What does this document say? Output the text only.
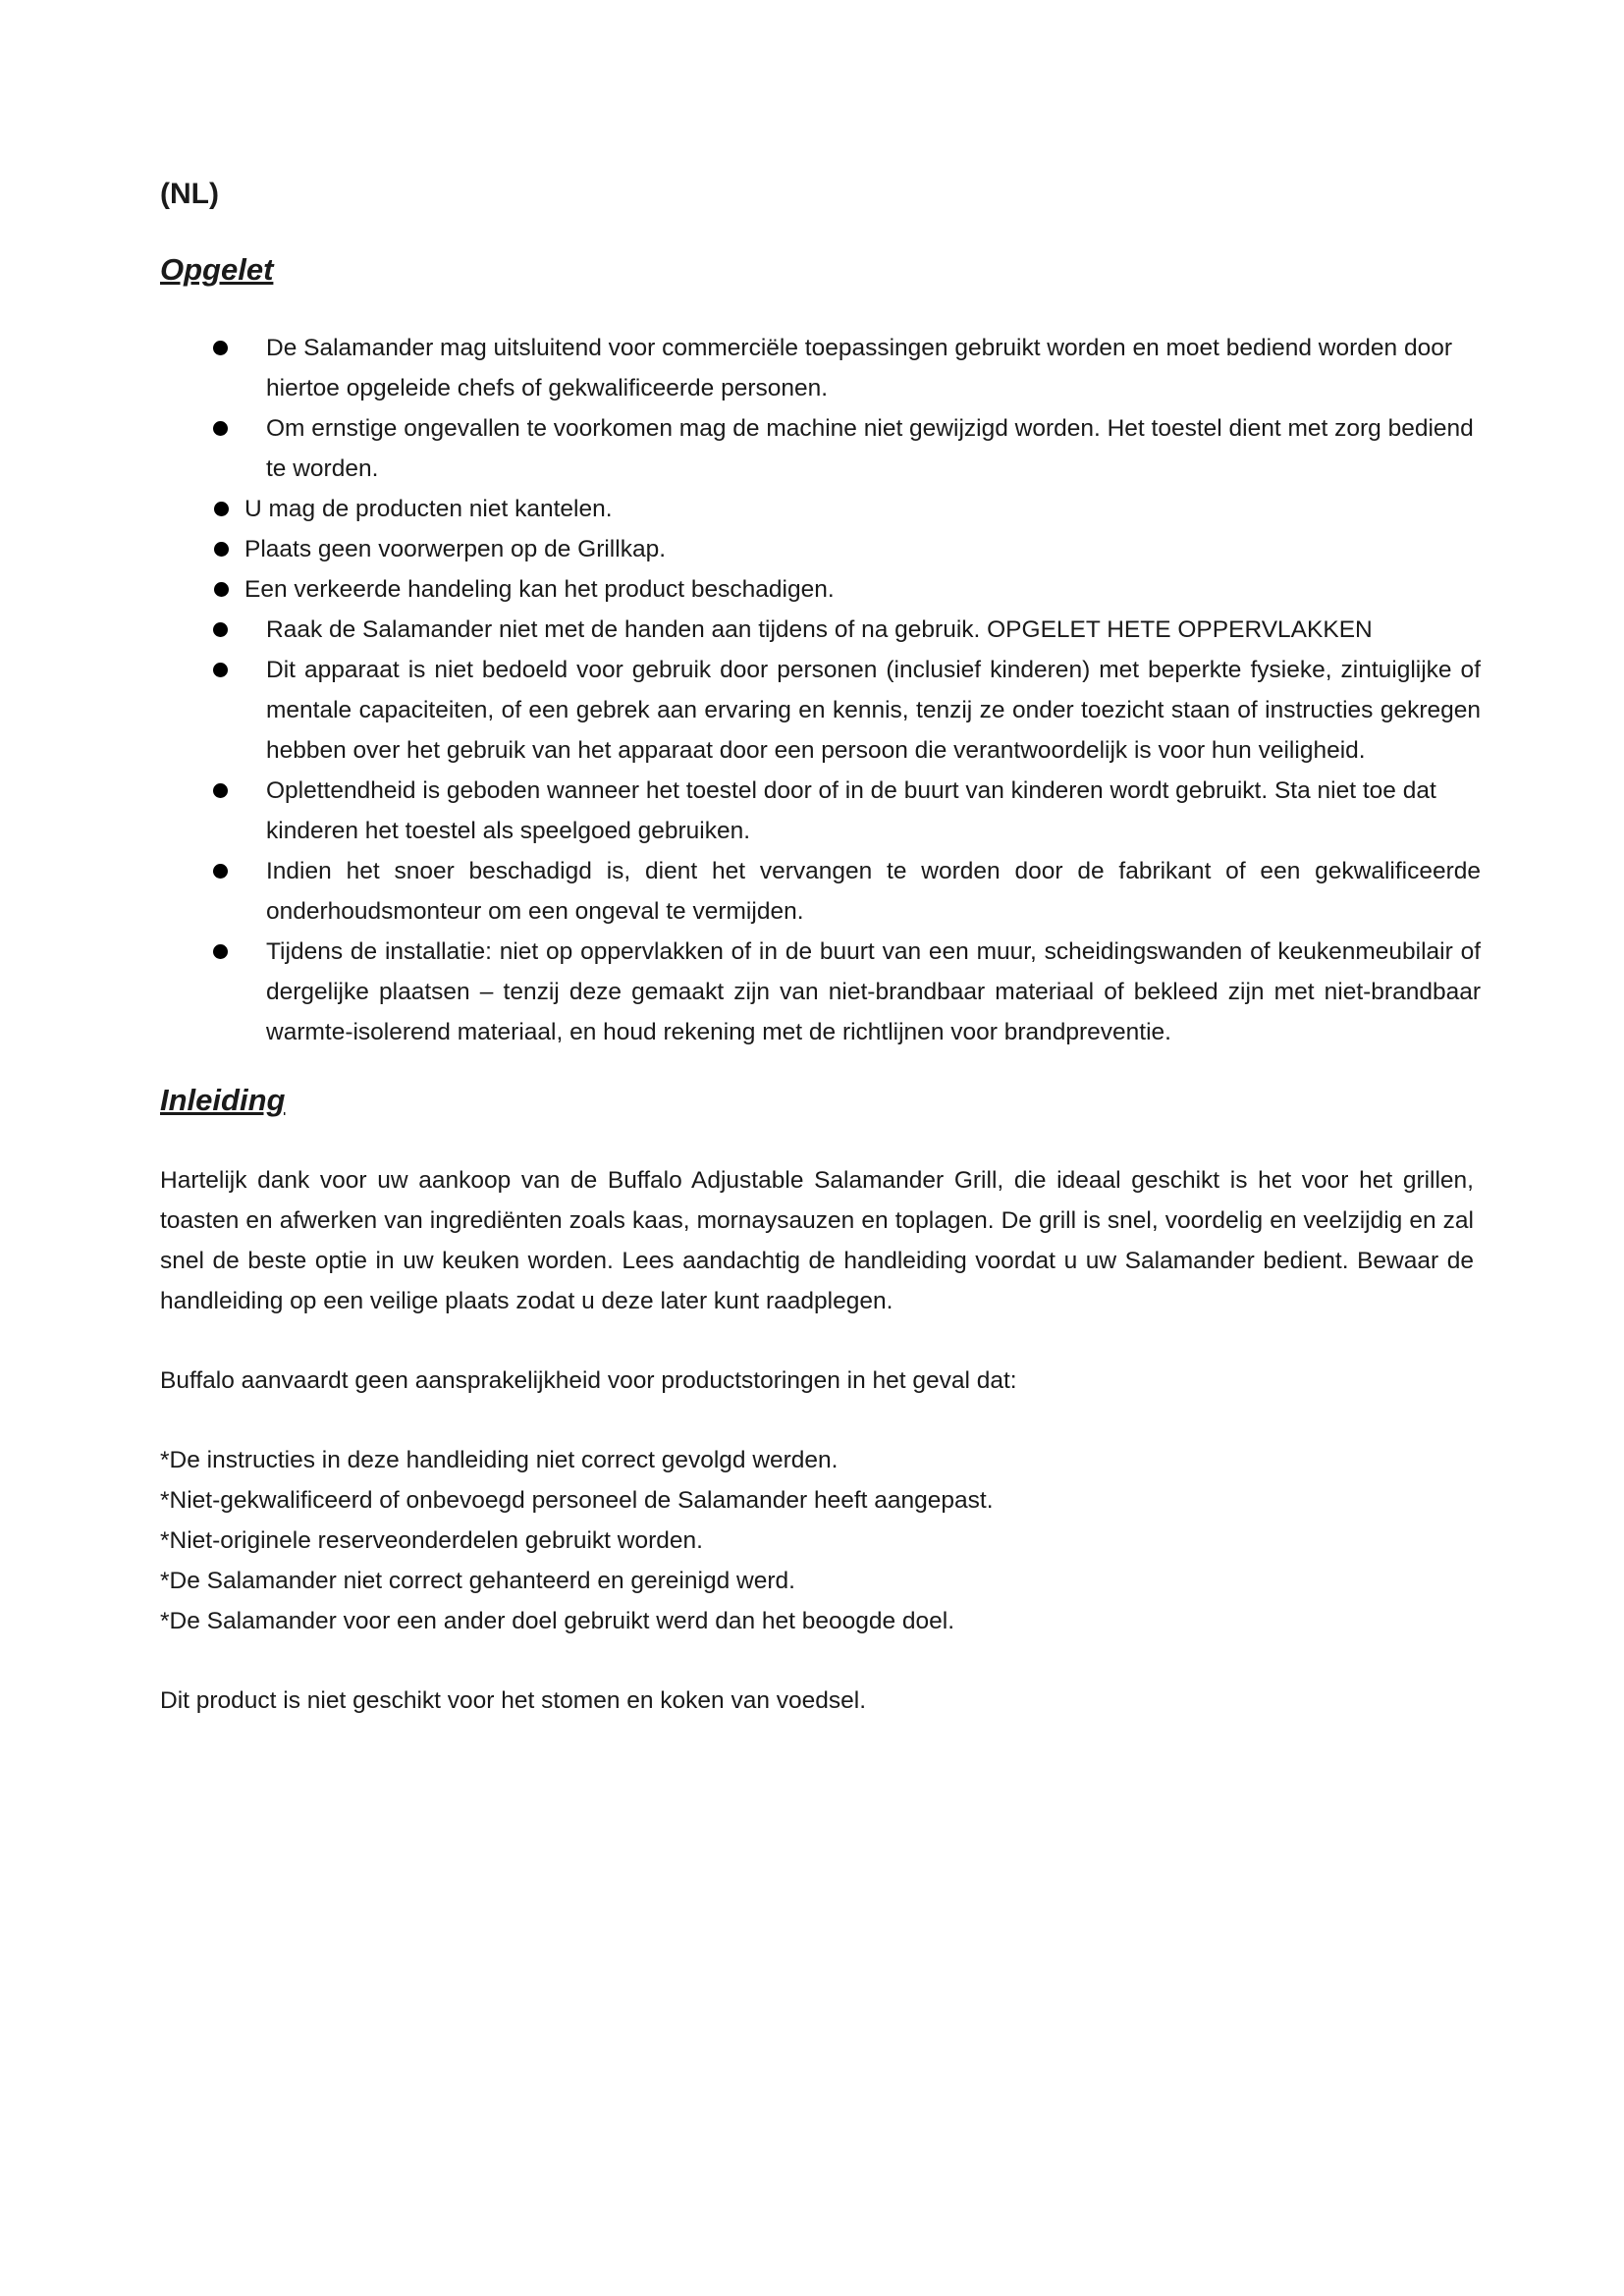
(NL)

Opgelet
De Salamander mag uitsluitend voor commerciële toepassingen gebruikt worden en moet bediend worden door hiertoe opgeleide chefs of gekwalificeerde personen.
Om ernstige ongevallen te voorkomen mag de machine niet gewijzigd worden. Het toestel dient met zorg bediend te worden.
U mag de producten niet kantelen.
Plaats geen voorwerpen op de Grillkap.
Een verkeerde handeling kan het product beschadigen.
Raak de Salamander niet met de handen aan tijdens of na gebruik. OPGELET HETE OPPERVLAKKEN
Dit apparaat is niet bedoeld voor gebruik door personen (inclusief kinderen) met beperkte fysieke, zintuiglijke of mentale capaciteiten, of een gebrek aan ervaring en kennis, tenzij ze onder toezicht staan of instructies gekregen hebben over het gebruik van het apparaat door een persoon die verantwoordelijk is voor hun veiligheid.
Oplettendheid is geboden wanneer het toestel door of in de buurt van kinderen wordt gebruikt. Sta niet toe dat kinderen het toestel als speelgoed gebruiken.
Indien het snoer beschadigd is, dient het vervangen te worden door de fabrikant of een gekwalificeerde onderhoudsmonteur om een ongeval te vermijden.
Tijdens de installatie: niet op oppervlakken of in de buurt van een muur, scheidingswanden of keukenmeubilair of dergelijke plaatsen – tenzij deze gemaakt zijn van niet-brandbaar materiaal of bekleed zijn met niet-brandbaar warmte-isolerend materiaal, en houd rekening met de richtlijnen voor brandpreventie.
Inleiding

Hartelijk dank voor uw aankoop van de Buffalo Adjustable Salamander Grill, die ideaal geschikt is het voor het grillen, toasten en afwerken van ingrediënten zoals kaas, mornaysauzen en toplagen. De grill is snel, voordelig en veelzijdig en zal snel de beste optie in uw keuken worden. Lees aandachtig de handleiding voordat u uw Salamander bedient. Bewaar de handleiding op een veilige plaats zodat u deze later kunt raadplegen.

Buffalo aanvaardt geen aansprakelijkheid voor productstoringen in het geval dat:

*De instructies in deze handleiding niet correct gevolgd werden.
*Niet-gekwalificeerd of onbevoegd personeel de Salamander heeft aangepast.
*Niet-originele reserveonderdelen gebruikt worden.
*De Salamander niet correct gehanteerd en gereinigd werd.
*De Salamander voor een ander doel gebruikt werd dan het beoogde doel.

Dit product is niet geschikt voor het stomen en koken van voedsel.
